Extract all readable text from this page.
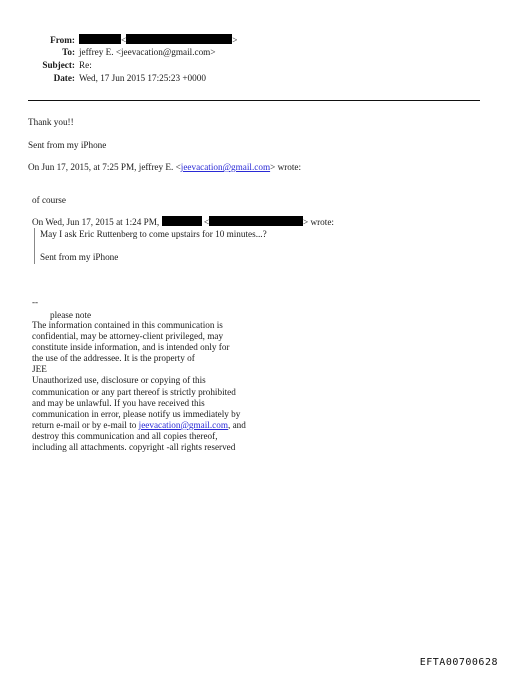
From:	<	>
To: jeffrey E. <jeevacation@gmail.com>
Subject: Re:
Date: Wed, 17 Jun 2015 17:25:23 +0000
Thank you!!
Sent from my iPhone
On Jun 17, 2015, at 7:25 PM, jeffrey E. <jeevacation@gmail.com> wrote:
of course
On Wed, Jun 17, 2015 at 1:24 PM,	<	> wrote:
May I ask Eric Ruttenberg to come upstairs for 10 minutes...?
Sent from my iPhone
--
please note
The information contained in this communication is
confidential, may be attorney-client privileged, may
constitute inside information, and is intended only for
the use of the addressee. It is the property of
JEE
Unauthorized use, disclosure or copying of this
communication or any part thereof is strictly prohibited
and may be unlawful. If you have received this
communication in error, please notify us immediately by
return e-mail or by e-mail to jeevacation@gmail.com, and
destroy this communication and all copies thereof,
including all attachments. copyright -all rights reserved
EFTA00700628
